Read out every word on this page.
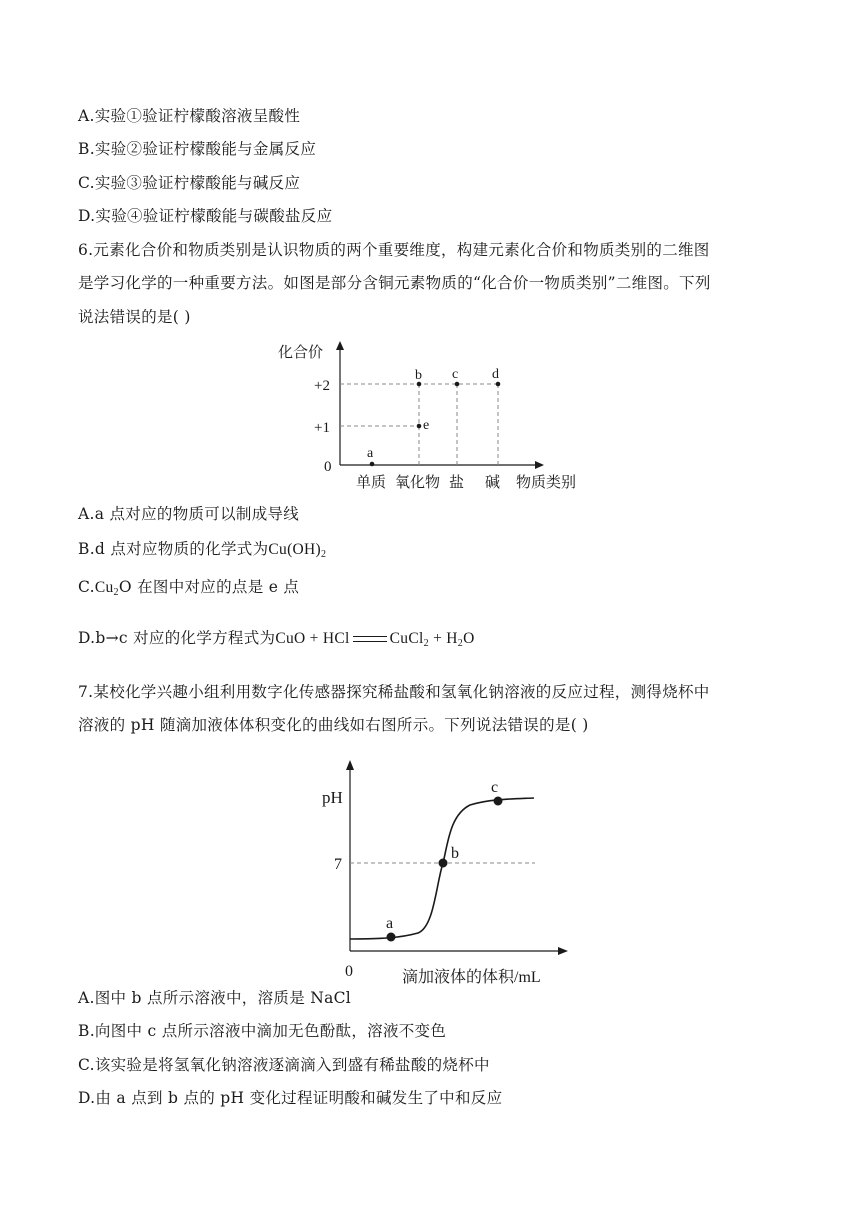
A.实验①验证柠檬酸溶液呈酸性
B.实验②验证柠檬酸能与金属反应
C.实验③验证柠檬酸能与碱反应
D.实验④验证柠檬酸能与碳酸盐反应
6.元素化合价和物质类别是认识物质的两个重要维度，构建元素化合价和物质类别的二维图
是学习化学的一种重要方法。如图是部分含铜元素物质的“化合价一物质类别”二维图。下列
说法错误的是( )
化合价
+2
+1
0
单质 氧化物 盐 碱 物质类别
a
b c d
e
A.a 点对应的物质可以制成导线
B.d 点对应物质的化学式为$Cu(OH)_2$
$C.Cu_2O$ 在图中对应的点是 e 点
D.b→c 对应的化学方程式为CuO + HCl	CuCl$_2$ + $H_2O$
7.某校化学兴趣小组利用数字化传感器探究稀盐酸和氢氧化钠溶液的反应过程，测得烧杯中
溶液的 pH 随滴加液体体积变化的曲线如右图所示。下列说法错误的是( )
pH
7
0	滴加液体的体积/mL
a
b
c
A.图中 b 点所示溶液中，溶质是 NaCl
B.向图中 c 点所示溶液中滴加无色酚酞，溶液不变色
C.该实验是将氢氧化钠溶液逐滴滴入到盛有稀盐酸的烧杯中
D.由 a 点到 b 点的 pH 变化过程证明酸和碱发生了中和反应
